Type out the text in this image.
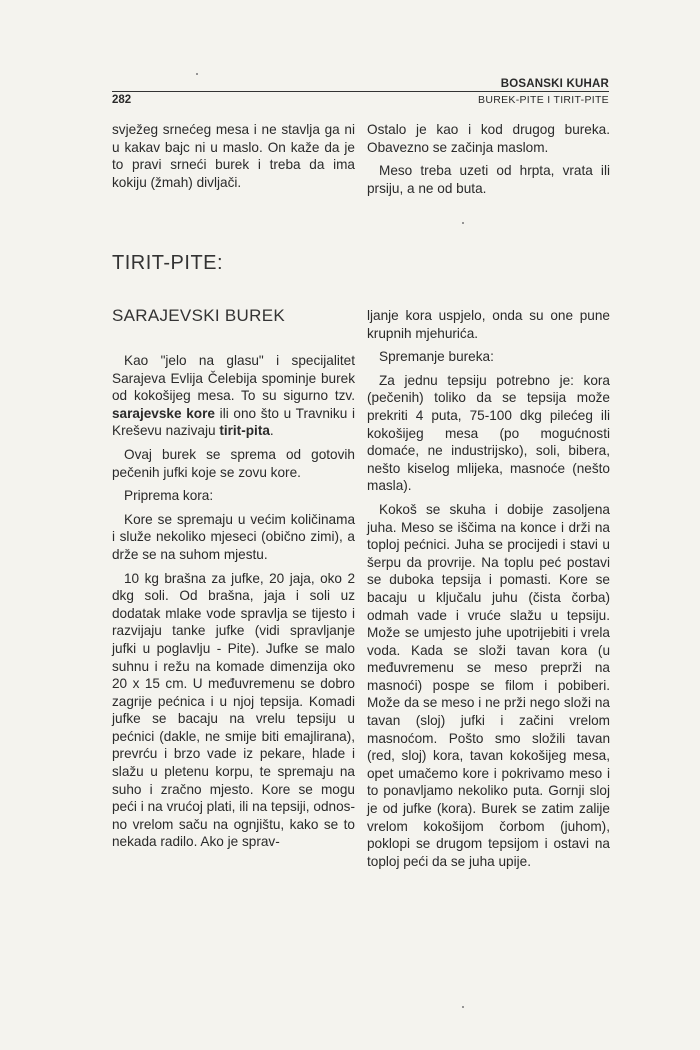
BOSANSKI KUHAR
282	BUREK-PITE I TIRIT-PITE

svježeg srnećeg mesa i ne stavlja ga ni u kakav bajc ni u maslo. On kaže da je to pravi srneći burek i treba da ima kokiju (žmah) divljači.

Ostalo je kao i kod drugog bureka. Obavezno se začinja maslom.

Meso treba uzeti od hrpta, vrata ili prsiju, a ne od buta.

TIRIT-PITE:
SARAJEVSKI BUREK

Kao "jelo na glasu" i specijalitet Sarajeva Evlija Čelebija spominje burek od kokošijeg mesa. To su sigurno tzv. sarajevske kore ili ono što u Travniku i Kreševu nazivaju tirit-pita.

Ovaj burek se sprema od gotovih pečenih jufki koje se zovu kore.

Priprema kora:

Kore se spremaju u većim količinama i služe nekoliko mjeseci (obično zimi), a drže se na suhom mjestu.

10 kg brašna za jufke, 20 jaja, oko 2 dkg soli. Od brašna, jaja i soli uz dodatak mlake vode spravlja se tijesto i razvijaju tanke jufke (vidi spravljanje jufki u poglavlju - Pite). Jufke se malo suhnu i režu na komade dimenzija oko 20 x 15 cm. U međuvremenu se dobro zagrije pećnica i u njoj tepsija. Komadi jufke se bacaju na vrelu tepsiju u pećnici (dakle, ne smije biti emajlirana), prevrću i brzo vade iz pekare, hlade i slažu u pletenu korpu, te spremaju na suho i zračno mjesto. Kore se mogu peći i na vrućoj plati, ili na tepsiji, odnosno vrelom saču na ognjištu, kako se to nekada radilo. Ako je sprav-

ljanje kora uspjelo, onda su one pune krupnih mjehurića.

Spremanje bureka:

Za jednu tepsiju potrebno je: kora (pečenih) toliko da se tepsija može prekriti 4 puta, 75-100 dkg pilećeg ili kokošijeg mesa (po mogućnosti domaće, ne industrijsko), soli, bibera, nešto kiselog mlijeka, masnoće (nešto masla).

Kokoš se skuha i dobije zasoljena juha. Meso se iščima na konce i drži na toploj pećnici. Juha se procijedi i stavi u šerpu da provrije. Na toplu peć postavi se duboka tepsija i pomasti. Kore se bacaju u ključalu juhu (čista čorba) odmah vade i vruće slažu u tepsiju. Može se umjesto juhe upotrijebiti i vrela voda. Kada se složi tavan kora (u međuvremenu se meso preprži na masnoći) pospe se filom i pobiberi. Može da se meso i ne prži nego složi na tavan (sloj) jufki i začini vrelom masnoćom. Pošto smo složili tavan (red, sloj) kora, tavan kokošijeg mesa, opet umačemo kore i pokrivamo meso i to ponavljamo nekoliko puta. Gornji sloj je od jufke (kora). Burek se zatim zalije vrelom kokošijom čorbom (juhom), poklopi se drugom tepsijom i ostavi na toploj peći da se juha upije.
